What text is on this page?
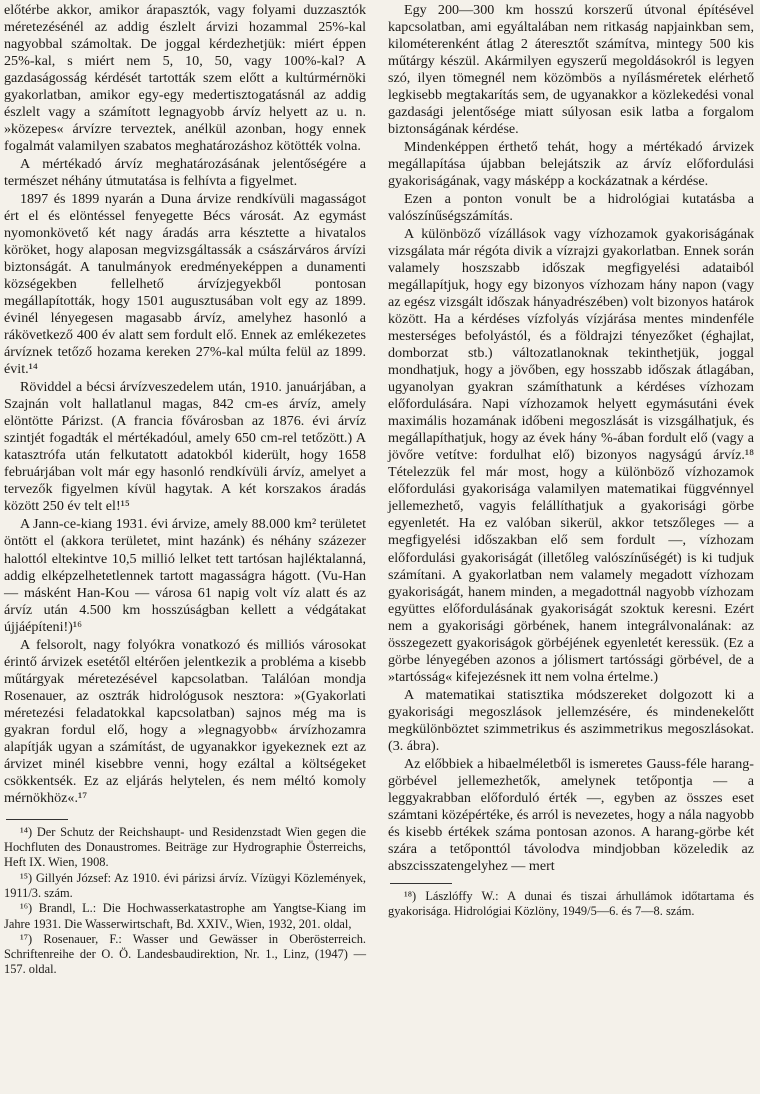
előtérbe akkor, amikor árapasztók, vagy folyami duzzasztók méretezésénél az addig észlelt árvizi hozammal 25%-kal nagyobbal számoltak. De joggal kérdezhetjük: miért éppen 25%-kal, s miért nem 5, 10, 50, vagy 100%-kal? A gazdaságosság kérdését tartották szem előtt a kultúrmérnöki gyakorlatban, amikor egy-egy medertisztogatásnál az addig észlelt vagy a számított legnagyobb árvíz helyett az u. n. »közepes« árvízre terveztek, anélkül azonban, hogy ennek fogalmát valamilyen szabatos meghatározáshoz kötötték volna.

A mértékadó árvíz meghatározásának jelentőségére a természet néhány útmutatása is felhívta a figyelmet.

1897 és 1899 nyarán a Duna árvize rendkívüli magasságot ért el és elöntéssel fenyegette Bécs városát. Az egymást nyomonkövető két nagy áradás arra késztette a hivatalos köröket, hogy alaposan megvizsgáltassák a császárváros árvízi biztonságát. A tanulmányok eredményeképpen a dunamenti községekben fellelhető árvízjegyekből pontosan megállapították, hogy 1501 augusztusában volt egy az 1899. évinél lényegesen magasabb árvíz, amelyhez hasonló a rákövetkező 400 év alatt sem fordult elő. Ennek az emlékezetes árvíznek tetőző hozama kereken 27%-kal múlta felül az 1899. évit.¹⁴

Röviddel a bécsi árvízveszedelem után, 1910. januárjában, a Szajnán volt hallatlanul magas, 842 cm-es árvíz, amely elöntötte Párizst. (A francia fővárosban az 1876. évi árvíz szintjét fogadták el mértékadóul, amely 650 cm-rel tetőzött.) A katasztrófa után felkutatott adatokból kiderült, hogy 1658 februárjában volt már egy hasonló rendkívüli árvíz, amelyet a tervezők figyelmen kívül hagytak. A két korszakos áradás között 250 év telt el!¹⁵

A Jann-ce-kiang 1931. évi árvize, amely 88.000 km² területet öntött el (akkora területet, mint hazánk) és néhány százezer halottól eltekintve 10,5 millió lelket tett tartósan hajléktalanná, addig elképzelhetetlennek tartott magasságra hágott. (Vu-Han — másként Han-Kou — városa 61 napig volt víz alatt és az árvíz után 4.500 km hosszúságban kellett a védgátakat újjáépíteni!)¹⁶

A felsorolt, nagy folyókra vonatkozó és milliós városokat érintő árvizek esetétől eltérően jelentkezik a probléma a kisebb műtárgyak méretezésével kapcsolatban. Találóan mondja Rosenauer, az osztrák hidrológusok nesztora: »(Gyakorlati méretezési feladatokkal kapcsolatban) sajnos még ma is gyakran fordul elő, hogy a »legnagyobb« árvízhozamra alapítják ugyan a számítást, de ugyanakkor igyekeznek ezt az árvizet minél kisebbre venni, hogy ezáltal a költségeket csökkentsék. Ez az eljárás helytelen, és nem méltó komoly mérnökhöz«.¹⁷

¹⁴) Der Schutz der Reichshaupt- und Residenzstadt Wien gegen die Hochfluten des Donaustromes. Beiträge zur Hydrographie Österreichs, Heft IX. Wien, 1908.

¹⁵) Gillyén József: Az 1910. évi párizsi árvíz. Vízügyi Közlemények, 1911/3. szám.

¹⁶) Brandl, L.: Die Hochwasserkatastrophe am Yangtse-Kiang im Jahre 1931. Die Wasserwirtschaft, Bd. XXIV., Wien, 1932, 201. oldal,

¹⁷) Rosenauer, F.: Wasser und Gewässer in Oberösterreich. Schriftenreihe der O. Ö. Landesbaudirektion, Nr. 1., Linz, (1947) — 157. oldal.

Egy 200—300 km hosszú korszerű útvonal építésével kapcsolatban, ami egyáltalában nem ritkaság napjainkban sem, kilométerenként átlag 2 áteresztőt számítva, mintegy 500 kis műtárgy készül. Akármilyen egyszerű megoldásokról is legyen szó, ilyen tömegnél nem közömbös a nyílásméretek elérhető legkisebb megtakarítás sem, de ugyanakkor a közlekedési vonal gazdasági jelentősége miatt súlyosan esik latba a forgalom biztonságának kérdése.

Mindenképpen érthető tehát, hogy a mértékadó árvizek megállapítása újabban belejátszik az árvíz előfordulási gyakoriságának, vagy másképp a kockázatnak a kérdése.

Ezen a ponton vonult be a hidrológiai kutatásba a valószínűségszámítás.

A különböző vízállások vagy vízhozamok gyakoriságának vizsgálata már régóta divik a vízrajzi gyakorlatban. Ennek során valamely hoszszabb időszak megfigyelési adataiból megállapítjuk, hogy egy bizonyos vízhozam hány napon (vagy az egész vizsgált időszak hányadrészében) volt bizonyos határok között. Ha a kérdéses vízfolyás vízjárása mentes mindenféle mesterséges befolyástól, és a földrajzi tényezőket (éghajlat, domborzat stb.) változatlanoknak tekinthetjük, joggal mondhatjuk, hogy a jövőben, egy hosszabb időszak átlagában, ugyanolyan gyakran számíthatunk a kérdéses vízhozam előfordulására. Napi vízhozamok helyett egymásutáni évek maximális hozamának időbeni megoszlását is vizsgálhatjuk, és megállapíthatjuk, hogy az évek hány %-ában fordult elő (vagy a jövőre vetítve: fordulhat elő) bizonyos nagyságú árvíz.¹⁸ Tételezzük fel már most, hogy a különböző vízhozamok előfordulási gyakorisága valamilyen matematikai függvénnyel jellemezhető, vagyis felállíthatjuk a gyakorisági görbe egyenletét. Ha ez valóban sikerül, akkor tetszőleges — a megfigyelési időszakban elő sem fordult —, vízhozam előfordulási gyakoriságát (illetőleg valószínűségét) is ki tudjuk számítani. A gyakorlatban nem valamely megadott vízhozam gyakoriságát, hanem minden, a megadottnál nagyobb vízhozam együttes előfordulásának gyakoriságát szoktuk keresni. Ezért nem a gyakorisági görbének, hanem integrálvonalának: az összegezett gyakoriságok görbéjének egyenletét keressük. (Ez a görbe lényegében azonos a jólismert tartóssági görbével, de a »tartósság« kifejezésnek itt nem volna értelme.)

A matematikai statisztika módszereket dolgozott ki a gyakorisági megoszlások jellemzésére, és mindenekelőtt megkülönböztet szimmetrikus és aszimmetrikus megoszlásokat. (3. ábra).

Az előbbiek a hibaelméletből is ismeretes Gauss-féle harang-görbével jellemezhetők, amelynek tetőpontja — a leggyakrabban előforduló érték —, egyben az összes eset számtani középértéke, és arról is nevezetes, hogy a nála nagyobb és kisebb értékek száma pontosan azonos. A harang-görbe két szára a tetőponttól távolodva mindjobban közeledik az abszcisszatengelyhez — mert

¹⁸) Lászlóffy W.: A dunai és tiszai árhullámok időtartama és gyakorisága. Hidrológiai Közlöny, 1949/5—6. és 7—8. szám.
